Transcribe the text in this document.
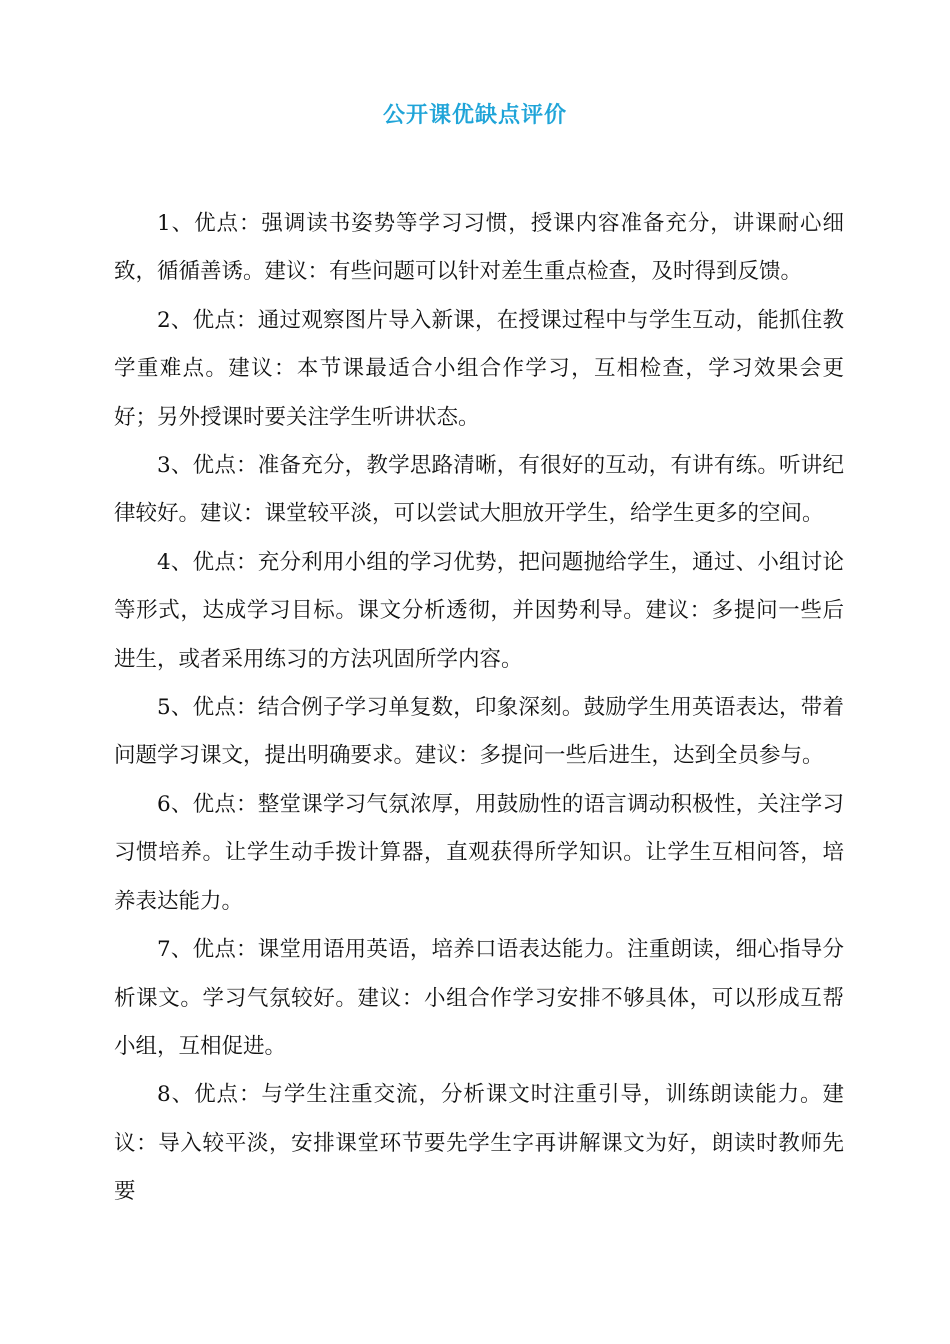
公开课优缺点评价

1、优点：强调读书姿势等学习习惯，授课内容准备充分，讲课耐心细致，循循善诱。建议：有些问题可以针对差生重点检查，及时得到反馈。

2、优点：通过观察图片导入新课，在授课过程中与学生互动，能抓住教学重难点。建议：本节课最适合小组合作学习，互相检查，学习效果会更好；另外授课时要关注学生听讲状态。

3、优点：准备充分，教学思路清晰，有很好的互动，有讲有练。听讲纪律较好。建议：课堂较平淡，可以尝试大胆放开学生，给学生更多的空间。

4、优点：充分利用小组的学习优势，把问题抛给学生，通过、小组讨论等形式，达成学习目标。课文分析透彻，并因势利导。建议：多提问一些后进生，或者采用练习的方法巩固所学内容。

5、优点：结合例子学习单复数，印象深刻。鼓励学生用英语表达，带着问题学习课文，提出明确要求。建议：多提问一些后进生，达到全员参与。

6、优点：整堂课学习气氛浓厚，用鼓励性的语言调动积极性，关注学习习惯培养。让学生动手拨计算器，直观获得所学知识。让学生互相问答，培养表达能力。

7、优点：课堂用语用英语，培养口语表达能力。注重朗读，细心指导分析课文。学习气氛较好。建议：小组合作学习安排不够具体，可以形成互帮小组，互相促进。

8、优点：与学生注重交流，分析课文时注重引导，训练朗读能力。建议：导入较平淡，安排课堂环节要先学生字再讲解课文为好，朗读时教师先要
